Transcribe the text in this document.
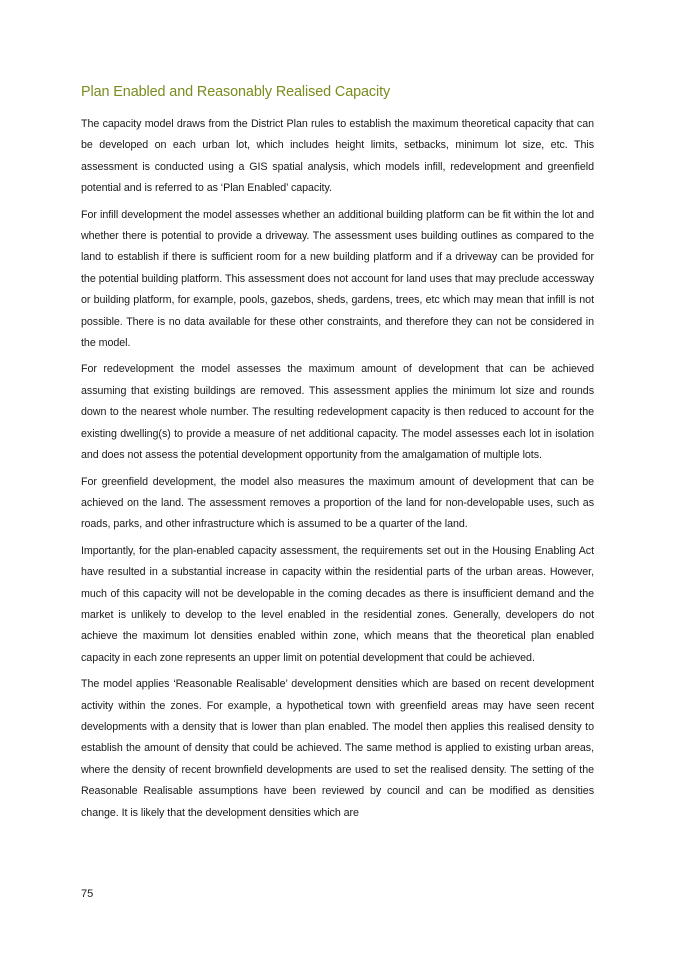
Plan Enabled and Reasonably Realised Capacity

The capacity model draws from the District Plan rules to establish the maximum theoretical capacity that can be developed on each urban lot, which includes height limits, setbacks, minimum lot size, etc. This assessment is conducted using a GIS spatial analysis, which models infill, redevelopment and greenfield potential and is referred to as ‘Plan Enabled’ capacity.

For infill development the model assesses whether an additional building platform can be fit within the lot and whether there is potential to provide a driveway. The assessment uses building outlines as compared to the land to establish if there is sufficient room for a new building platform and if a driveway can be provided for the potential building platform. This assessment does not account for land uses that may preclude accessway or building platform, for example, pools, gazebos, sheds, gardens, trees, etc which may mean that infill is not possible. There is no data available for these other constraints, and therefore they can not be considered in the model.

For redevelopment the model assesses the maximum amount of development that can be achieved assuming that existing buildings are removed. This assessment applies the minimum lot size and rounds down to the nearest whole number. The resulting redevelopment capacity is then reduced to account for the existing dwelling(s) to provide a measure of net additional capacity. The model assesses each lot in isolation and does not assess the potential development opportunity from the amalgamation of multiple lots.

For greenfield development, the model also measures the maximum amount of development that can be achieved on the land. The assessment removes a proportion of the land for non-developable uses, such as roads, parks, and other infrastructure which is assumed to be a quarter of the land.

Importantly, for the plan-enabled capacity assessment, the requirements set out in the Housing Enabling Act have resulted in a substantial increase in capacity within the residential parts of the urban areas. However, much of this capacity will not be developable in the coming decades as there is insufficient demand and the market is unlikely to develop to the level enabled in the residential zones. Generally, developers do not achieve the maximum lot densities enabled within zone, which means that the theoretical plan enabled capacity in each zone represents an upper limit on potential development that could be achieved.

The model applies ‘Reasonable Realisable’ development densities which are based on recent development activity within the zones. For example, a hypothetical town with greenfield areas may have seen recent developments with a density that is lower than plan enabled. The model then applies this realised density to establish the amount of density that could be achieved. The same method is applied to existing urban areas, where the density of recent brownfield developments are used to set the realised density. The setting of the Reasonable Realisable assumptions have been reviewed by council and can be modified as densities change. It is likely that the development densities which are

75
